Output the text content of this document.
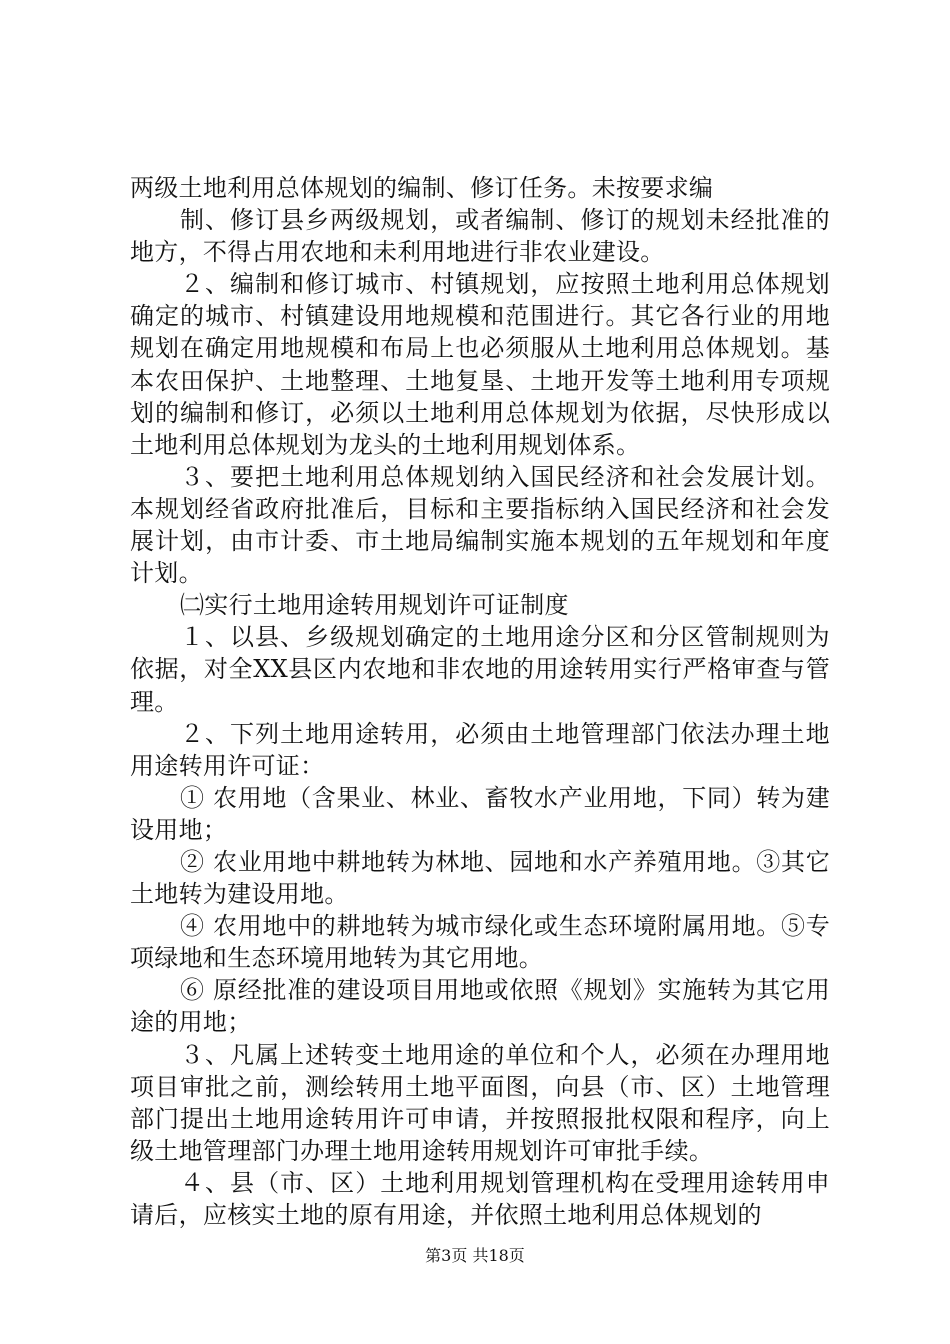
两级土地利用总体规划的编制、修订任务。未按要求编

制、修订县乡两级规划，或者编制、修订的规划未经批准的地方，不得占用农地和未利用地进行非农业建设。

２、编制和修订城市、村镇规划，应按照土地利用总体规划确定的城市、村镇建设用地规模和范围进行。其它各行业的用地规划在确定用地规模和布局上也必须服从土地利用总体规划。基本农田保护、土地整理、土地复垦、土地开发等土地利用专项规划的编制和修订，必须以土地利用总体规划为依据，尽快形成以土地利用总体规划为龙头的土地利用规划体系。

３、要把土地利用总体规划纳入国民经济和社会发展计划。本规划经省政府批准后，目标和主要指标纳入国民经济和社会发展计划，由市计委、市土地局编制实施本规划的五年规划和年度计划。

㈡实行土地用途转用规划许可证制度

１、以县、乡级规划确定的土地用途分区和分区管制规则为依据，对全XX县区内农地和非农地的用途转用实行严格审查与管理。

２、下列土地用途转用，必须由土地管理部门依法办理土地用途转用许可证：

① 农用地（含果业、林业、畜牧水产业用地，下同）转为建设用地；

② 农业用地中耕地转为林地、园地和水产养殖用地。③其它土地转为建设用地。

④ 农用地中的耕地转为城市绿化或生态环境附属用地。⑤专项绿地和生态环境用地转为其它用地。

⑥ 原经批准的建设项目用地或依照《规划》实施转为其它用途的用地；

３、凡属上述转变土地用途的单位和个人，必须在办理用地项目审批之前，测绘转用土地平面图，向县（市、区）土地管理部门提出土地用途转用许可申请，并按照报批权限和程序，向上级土地管理部门办理土地用途转用规划许可审批手续。

４、县（市、区）土地利用规划管理机构在受理用途转用申请后，应核实土地的原有用途，并依照土地利用总体规划的

第3页 共18页
